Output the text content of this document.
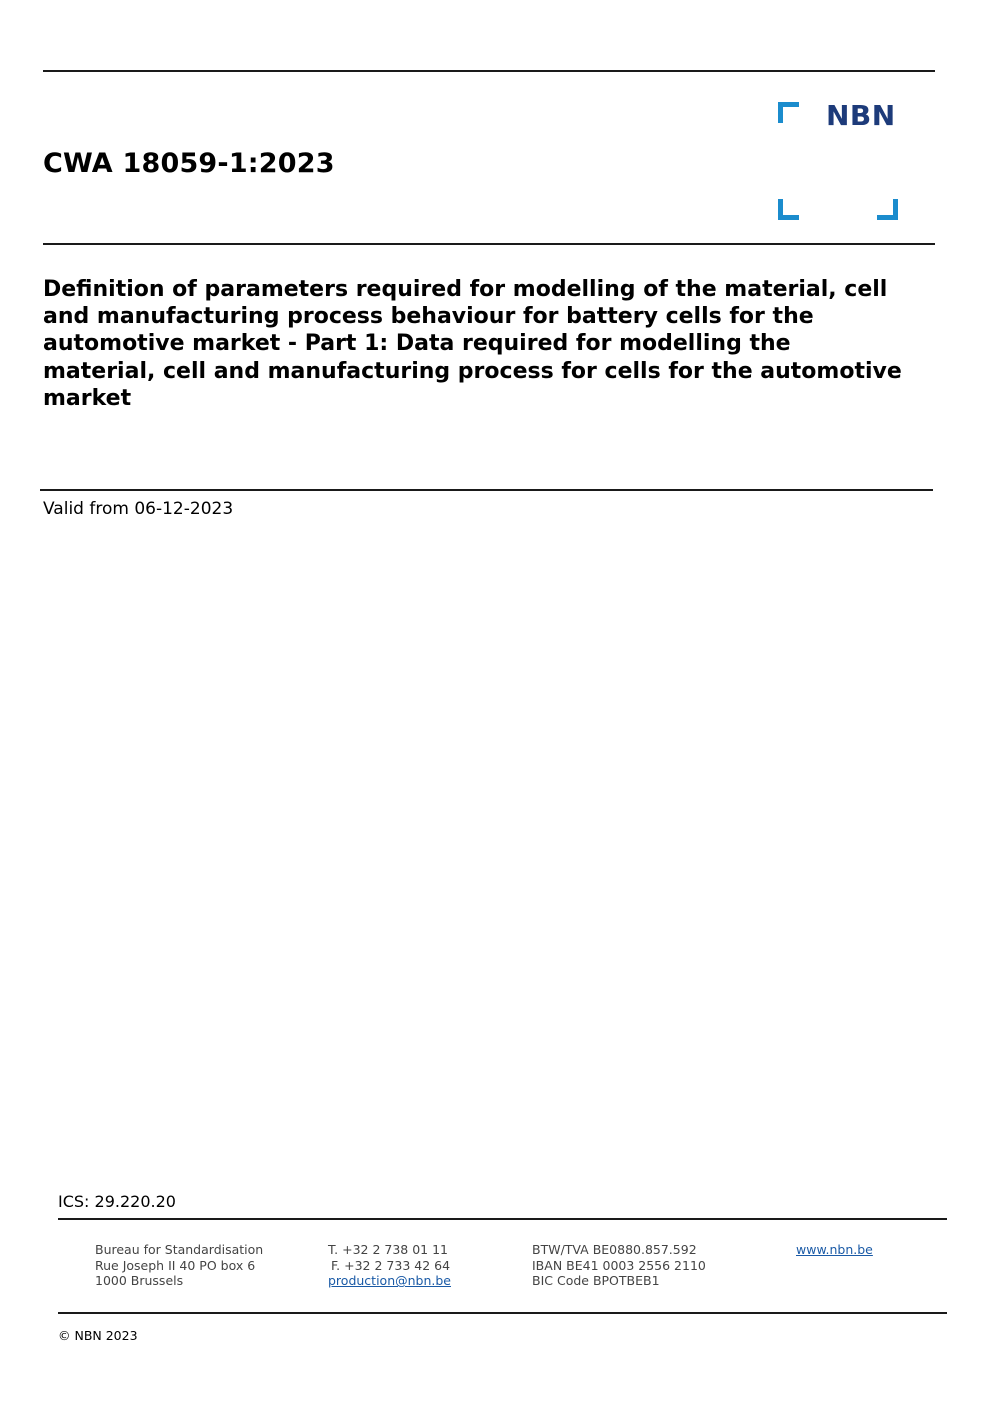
CWA 18059-1:2023
NBN
Definition of parameters required for modelling of the material, cell and manufacturing process behaviour for battery cells for the automotive market - Part 1: Data required for modelling the material, cell and manufacturing process for cells for the automotive market
Valid from 06-12-2023
ICS: 29.220.20
Bureau for Standardisation
Rue Joseph II 40 PO box 6
1000 Brussels
T. +32 2 738 01 11
F. +32 2 733 42 64
production@nbn.be
BTW/TVA BE0880.857.592
IBAN BE41 0003 2556 2110
BIC Code BPOTBEB1
www.nbn.be
© NBN 2023
